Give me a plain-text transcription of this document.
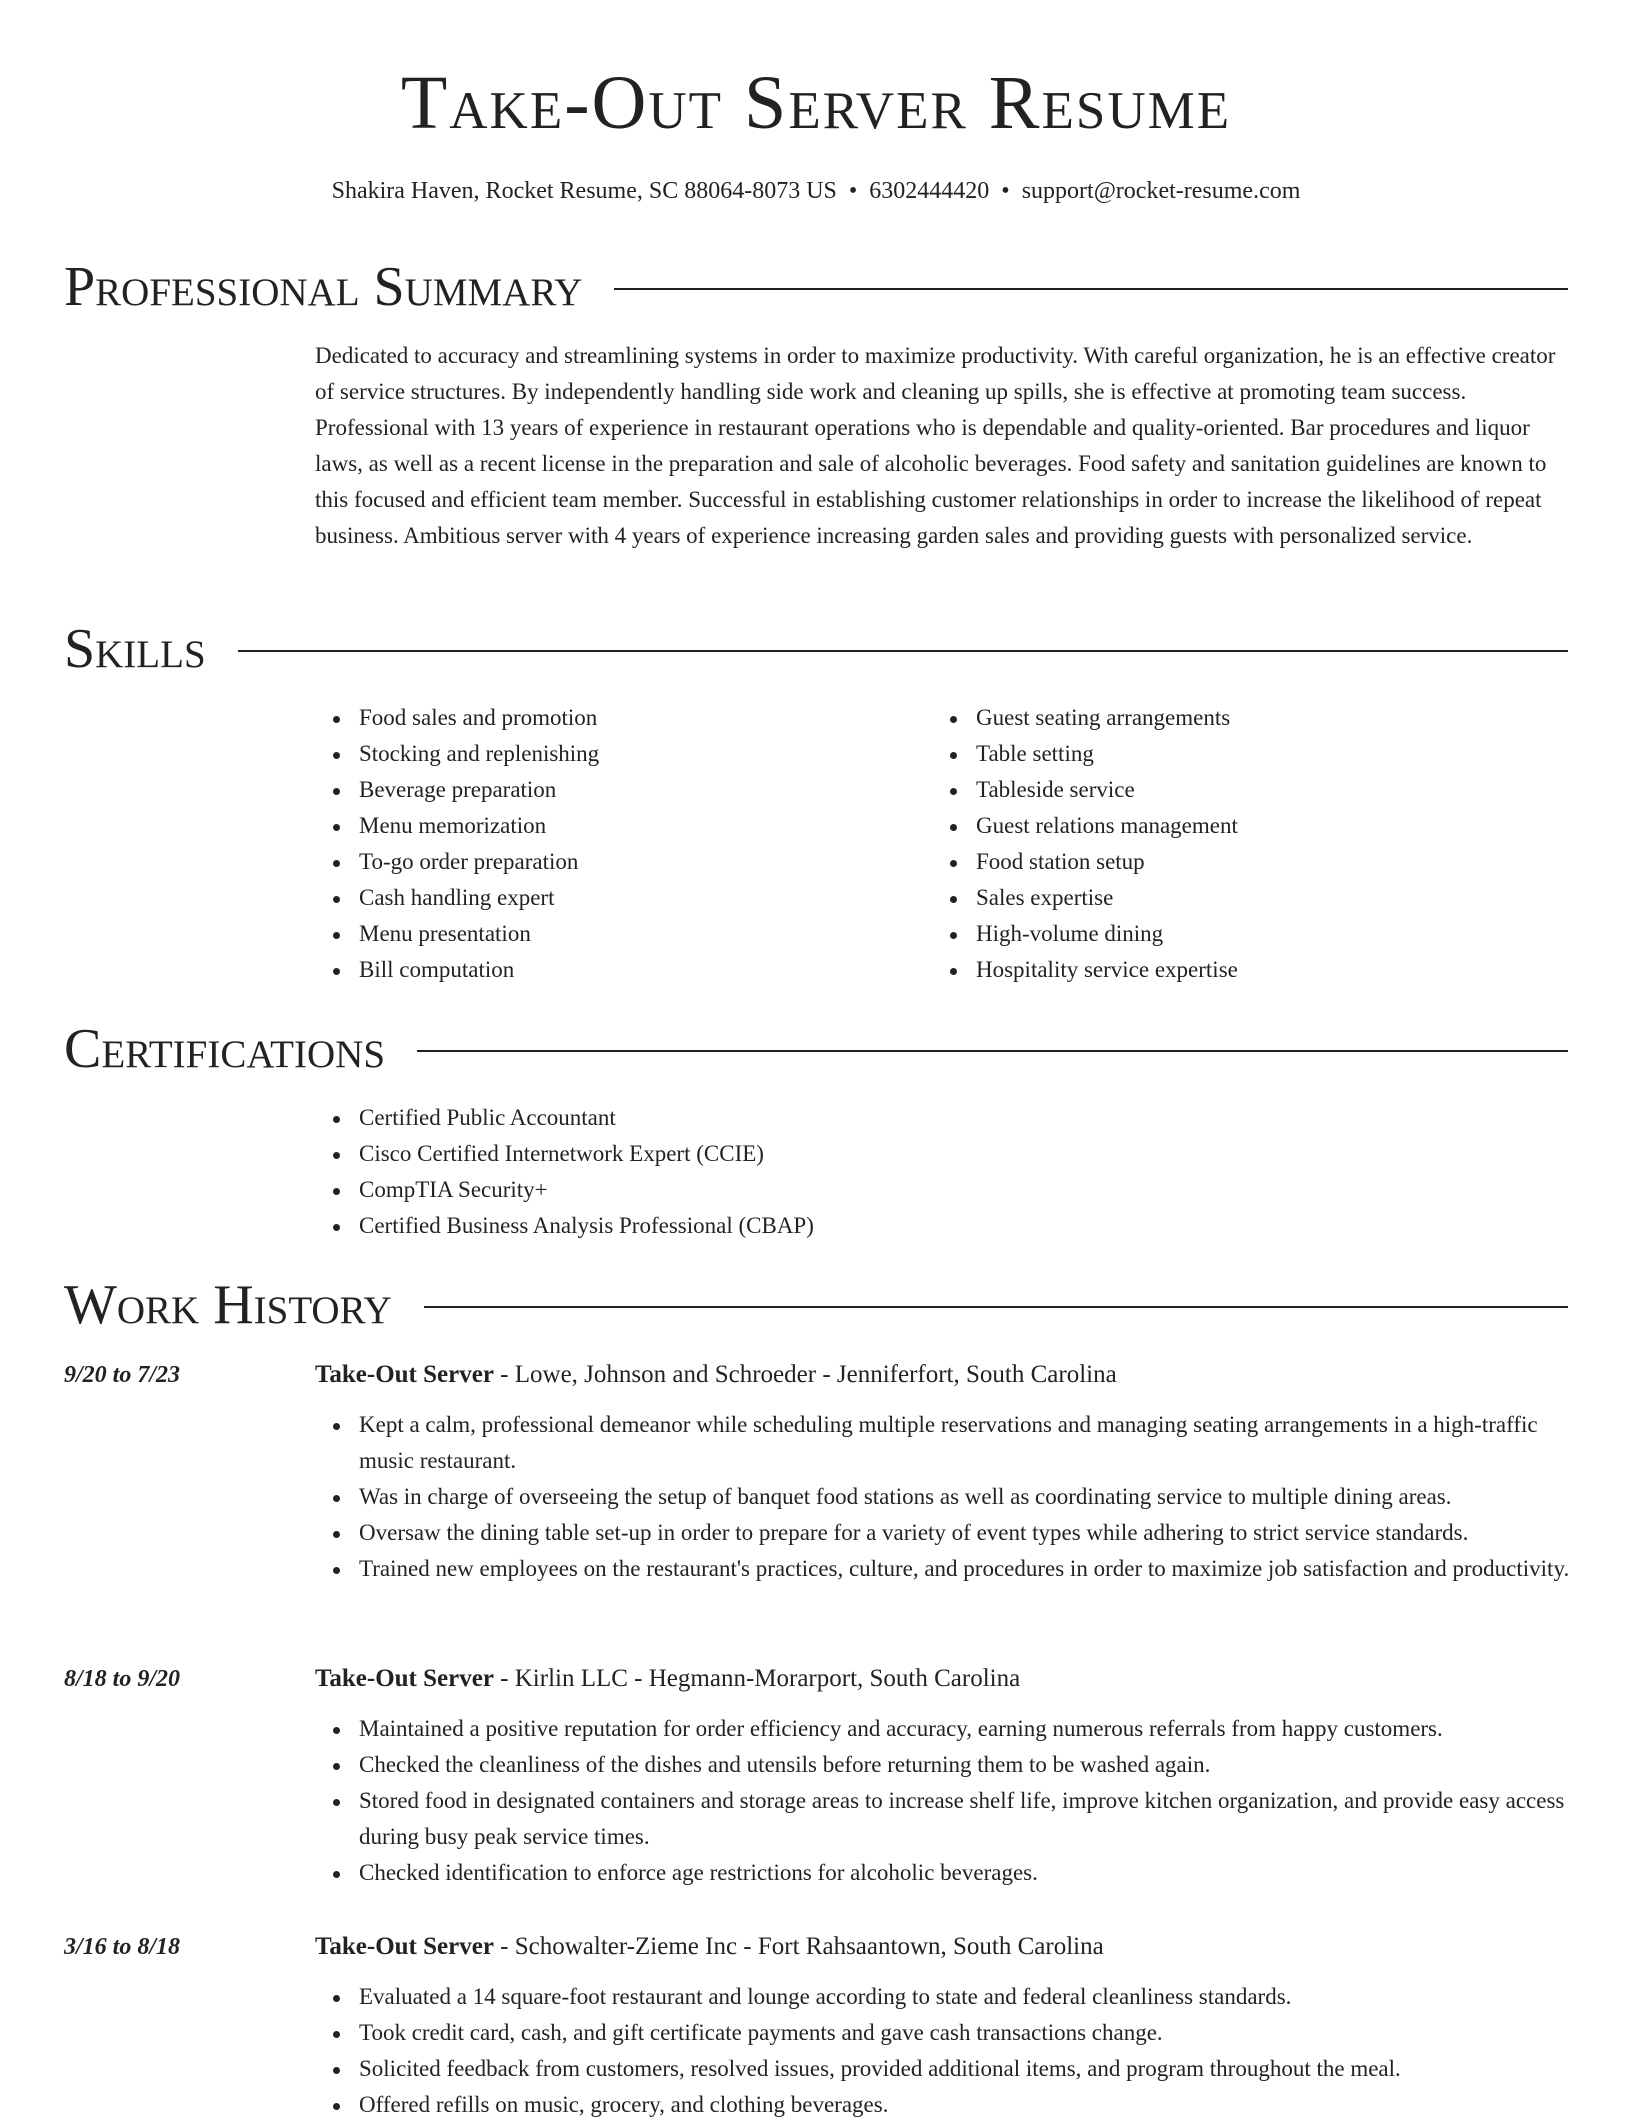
Take-Out Server Resume
Shakira Haven, Rocket Resume, SC 88064-8073 US • 6302444420 • support@rocket-resume.com
Professional Summary

Dedicated to accuracy and streamlining systems in order to maximize productivity. With careful organization, he is an effective creator of service structures. By independently handling side work and cleaning up spills, she is effective at promoting team success. Professional with 13 years of experience in restaurant operations who is dependable and quality-oriented. Bar procedures and liquor laws, as well as a recent license in the preparation and sale of alcoholic beverages. Food safety and sanitation guidelines are known to this focused and efficient team member. Successful in establishing customer relationships in order to increase the likelihood of repeat business. Ambitious server with 4 years of experience increasing garden sales and providing guests with personalized service.

Skills
Food sales and promotion
Stocking and replenishing
Beverage preparation
Menu memorization
To-go order preparation
Cash handling expert
Menu presentation
Bill computation
Guest seating arrangements
Table setting
Tableside service
Guest relations management
Food station setup
Sales expertise
High-volume dining
Hospitality service expertise
Certifications
Certified Public Accountant
Cisco Certified Internetwork Expert (CCIE)
CompTIA Security+
Certified Business Analysis Professional (CBAP)
Work History
9/20 to 7/23	Take-Out Server - Lowe, Johnson and Schroeder - Jenniferfort, South Carolina
Kept a calm, professional demeanor while scheduling multiple reservations and managing seating arrangements in a high-traffic music restaurant.
Was in charge of overseeing the setup of banquet food stations as well as coordinating service to multiple dining areas.
Oversaw the dining table set-up in order to prepare for a variety of event types while adhering to strict service standards.
Trained new employees on the restaurant's practices, culture, and procedures in order to maximize job satisfaction and productivity.
8/18 to 9/20	Take-Out Server - Kirlin LLC - Hegmann-Morarport, South Carolina
Maintained a positive reputation for order efficiency and accuracy, earning numerous referrals from happy customers.
Checked the cleanliness of the dishes and utensils before returning them to be washed again.
Stored food in designated containers and storage areas to increase shelf life, improve kitchen organization, and provide easy access during busy peak service times.
Checked identification to enforce age restrictions for alcoholic beverages.
3/16 to 8/18	Take-Out Server - Schowalter-Zieme Inc - Fort Rahsaantown, South Carolina
Evaluated a 14 square-foot restaurant and lounge according to state and federal cleanliness standards.
Took credit card, cash, and gift certificate payments and gave cash transactions change.
Solicited feedback from customers, resolved issues, provided additional items, and program throughout the meal.
Offered refills on music, grocery, and clothing beverages.
